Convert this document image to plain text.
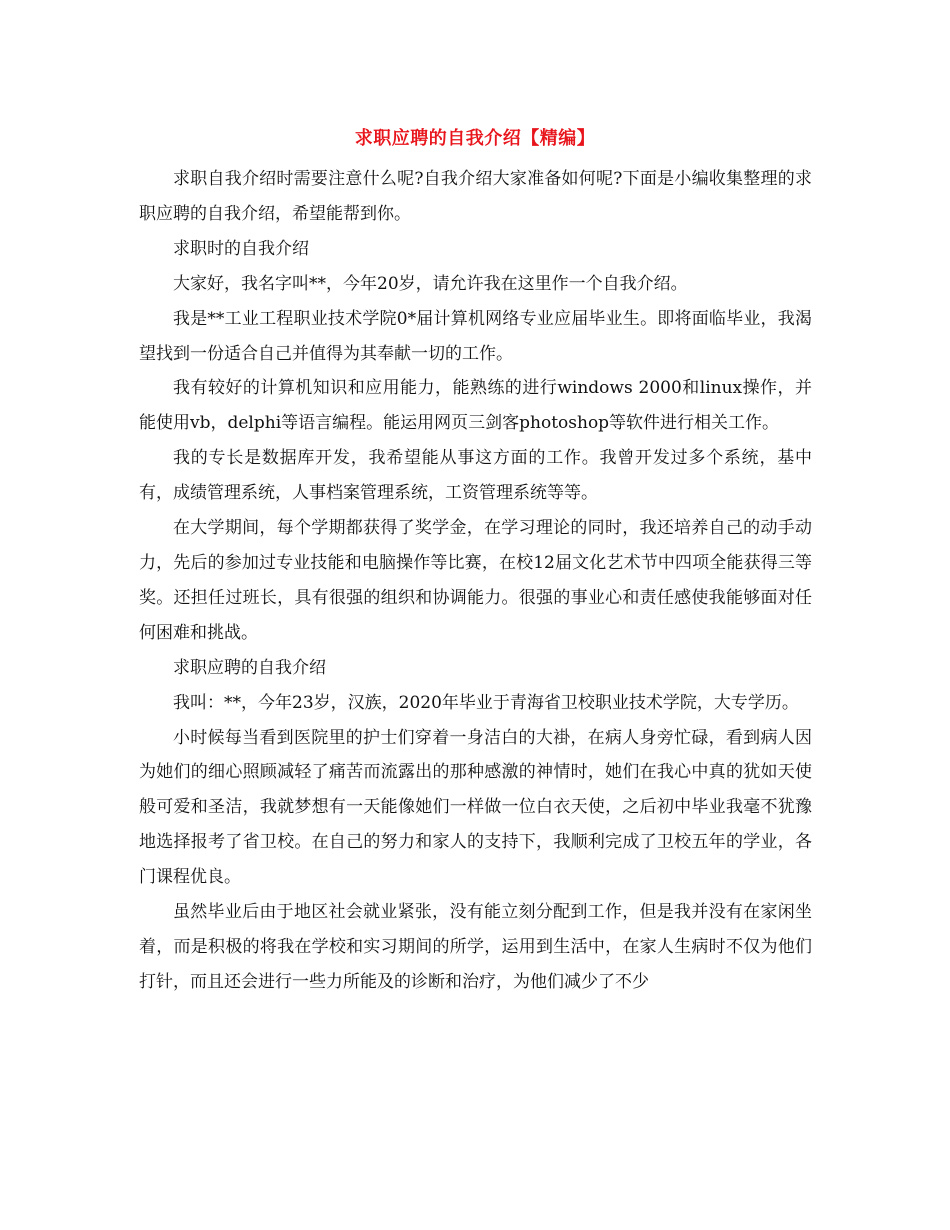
求职应聘的自我介绍【精编】

求职自我介绍时需要注意什么呢?自我介绍大家准备如何呢?下面是小编收集整理的求职应聘的自我介绍，希望能帮到你。

求职时的自我介绍

大家好，我名字叫**，今年20岁，请允许我在这里作一个自我介绍。

我是**工业工程职业技术学院0*届计算机网络专业应届毕业生。即将面临毕业，我渴望找到一份适合自己并值得为其奉献一切的工作。

我有较好的计算机知识和应用能力，能熟练的进行windows 2000和linux操作，并能使用vb，delphi等语言编程。能运用网页三剑客photoshop等软件进行相关工作。

我的专长是数据库开发，我希望能从事这方面的工作。我曾开发过多个系统，基中有，成绩管理系统，人事档案管理系统，工资管理系统等等。

在大学期间，每个学期都获得了奖学金，在学习理论的同时，我还培养自己的动手动力，先后的参加过专业技能和电脑操作等比赛，在校12届文化艺术节中四项全能获得三等奖。还担任过班长，具有很强的组织和协调能力。很强的事业心和责任感使我能够面对任何困难和挑战。

求职应聘的自我介绍

我叫：**，今年23岁，汉族，2020年毕业于青海省卫校职业技术学院，大专学历。

小时候每当看到医院里的护士们穿着一身洁白的大褂，在病人身旁忙碌，看到病人因为她们的细心照顾减轻了痛苦而流露出的那种感激的神情时，她们在我心中真的犹如天使般可爱和圣洁，我就梦想有一天能像她们一样做一位白衣天使，之后初中毕业我毫不犹豫地选择报考了省卫校。在自己的努力和家人的支持下，我顺利完成了卫校五年的学业，各门课程优良。

虽然毕业后由于地区社会就业紧张，没有能立刻分配到工作，但是我并没有在家闲坐着，而是积极的将我在学校和实习期间的所学，运用到生活中，在家人生病时不仅为他们打针，而且还会进行一些力所能及的诊断和治疗，为他们减少了不少
